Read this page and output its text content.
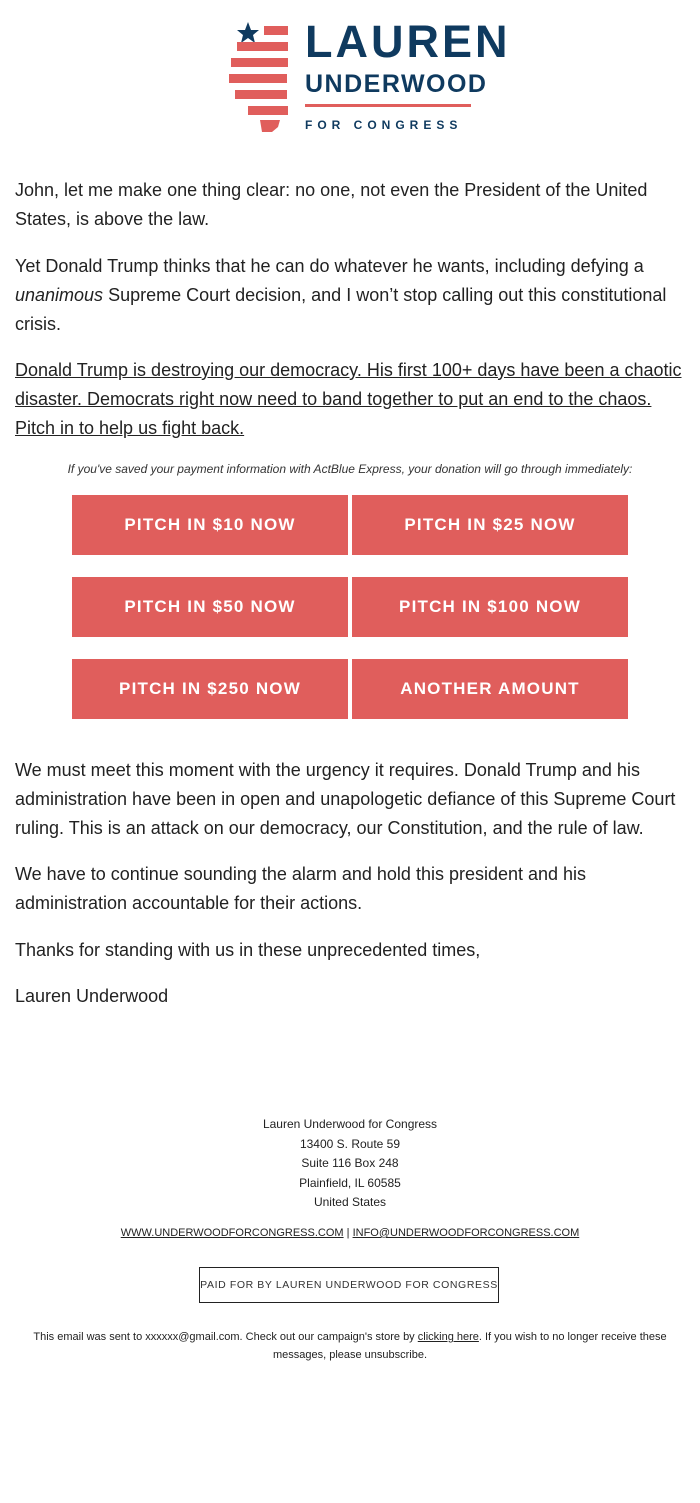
LAUREN
UNDERWOOD
FOR CONGRESS

John, let me make one thing clear: no one, not even the President of the United States, is above the law.

Yet Donald Trump thinks that he can do whatever he wants, including defying a unanimous Supreme Court decision, and I won’t stop calling out this constitutional crisis.

Donald Trump is destroying our democracy. His first 100+ days have been a chaotic disaster. Democrats right now need to band together to put an end to the chaos. Pitch in to help us fight back.

If you've saved your payment information with ActBlue Express, your donation will go through immediately:
PITCH IN $10 NOW	PITCH IN $25 NOW
PITCH IN $50 NOW	PITCH IN $100 NOW
PITCH IN $250 NOW	ANOTHER AMOUNT

We must meet this moment with the urgency it requires. Donald Trump and his administration have been in open and unapologetic defiance of this Supreme Court ruling. This is an attack on our democracy, our Constitution, and the rule of law.

We have to continue sounding the alarm and hold this president and his administration accountable for their actions.

Thanks for standing with us in these unprecedented times,

Lauren Underwood

Lauren Underwood for Congress
13400 S. Route 59
Suite 116 Box 248
Plainfield, IL 60585
United States
WWW.UNDERWOODFORCONGRESS.COM | INFO@UNDERWOODFORCONGRESS.COM
PAID FOR BY LAUREN UNDERWOOD FOR CONGRESS
This email was sent to xxxxxx@gmail.com. Check out our campaign's store by clicking here. If you wish to no longer receive these messages, please unsubscribe.
